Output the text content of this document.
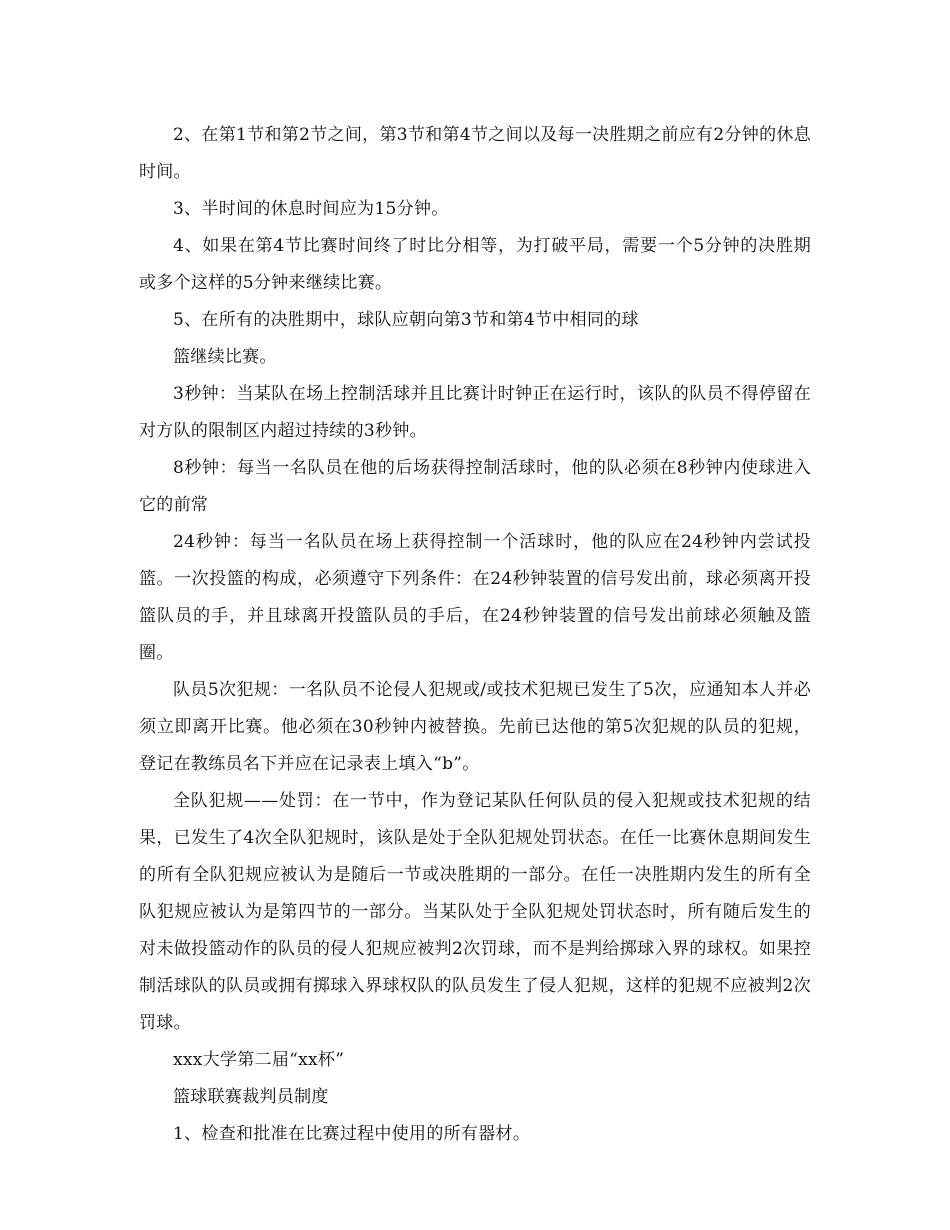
2、在第1节和第2节之间，第3节和第4节之间以及每一决胜期之前应有2分钟的休息时间。

3、半时间的休息时间应为15分钟。

4、如果在第4节比赛时间终了时比分相等，为打破平局，需要一个5分钟的决胜期或多个这样的5分钟来继续比赛。

5、在所有的决胜期中，球队应朝向第3节和第4节中相同的球

篮继续比赛。

3秒钟：当某队在场上控制活球并且比赛计时钟正在运行时，该队的队员不得停留在对方队的限制区内超过持续的3秒钟。

8秒钟：每当一名队员在他的后场获得控制活球时，他的队必须在8秒钟内使球进入它的前常

24秒钟：每当一名队员在场上获得控制一个活球时，他的队应在24秒钟内尝试投篮。一次投篮的构成，必须遵守下列条件：在24秒钟装置的信号发出前，球必须离开投篮队员的手，并且球离开投篮队员的手后，在24秒钟装置的信号发出前球必须触及篮圈。

队员5次犯规：一名队员不论侵人犯规或/或技术犯规已发生了5次，应通知本人并必须立即离开比赛。他必须在30秒钟内被替换。先前已达他的第5次犯规的队员的犯规，登记在教练员名下并应在记录表上填入“b”。

全队犯规——处罚：在一节中，作为登记某队任何队员的侵入犯规或技术犯规的结果，已发生了4次全队犯规时，该队是处于全队犯规处罚状态。在任一比赛休息期间发生的所有全队犯规应被认为是随后一节或决胜期的一部分。在任一决胜期内发生的所有全队犯规应被认为是第四节的一部分。当某队处于全队犯规处罚状态时，所有随后发生的对未做投篮动作的队员的侵人犯规应被判2次罚球，而不是判给掷球入界的球权。如果控制活球队的队员或拥有掷球入界球权队的队员发生了侵人犯规，这样的犯规不应被判2次罚球。

xxx大学第二届“xx杯”

篮球联赛裁判员制度

1、检查和批准在比赛过程中使用的所有器材。
